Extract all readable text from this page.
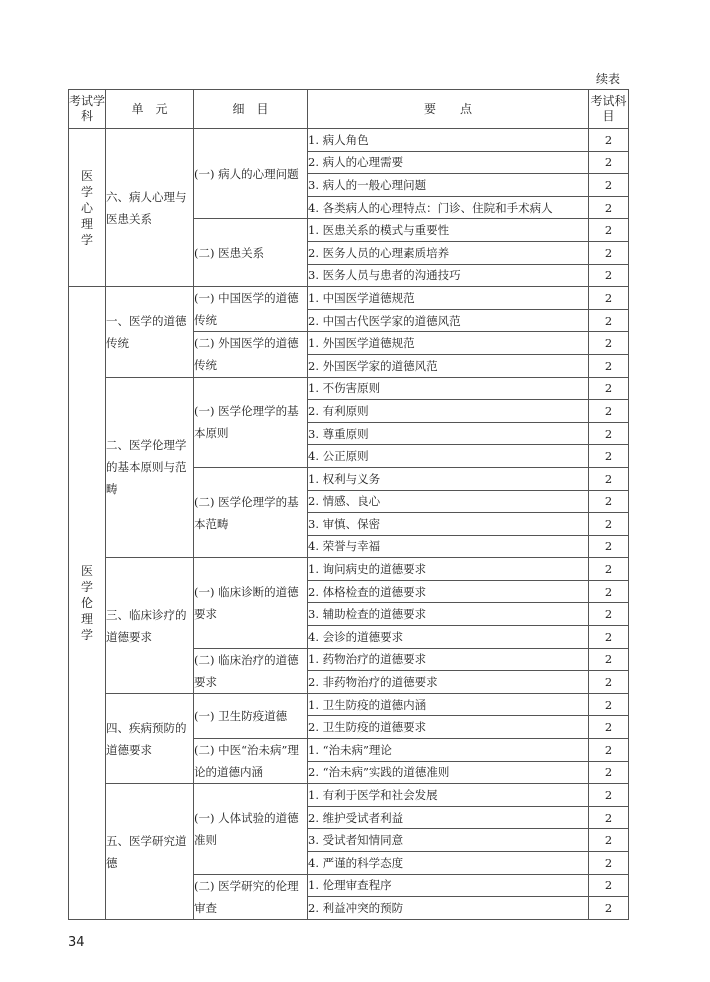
续表
考试学科	单　元	细　目	要　　点	考试科目
医学心理学	六、病人心理与医患关系	(一) 病人的心理问题	1. 病人角色	2
			2. 病人的心理需要	2
			3. 病人的一般心理问题	2
			4. 各类病人的心理特点：门诊、住院和手术病人	2
		(二) 医患关系	1. 医患关系的模式与重要性	2
			2. 医务人员的心理素质培养	2
			3. 医务人员与患者的沟通技巧	2
医学伦理学	一、医学的道德传统	(一) 中国医学的道德传统	1. 中国医学道德规范	2
			2. 中国古代医学家的道德风范	2
		(二) 外国医学的道德传统	1. 外国医学道德规范	2
			2. 外国医学家的道德风范	2
	二、医学伦理学的基本原则与范畴	(一) 医学伦理学的基本原则	1. 不伤害原则	2
			2. 有利原则	2
			3. 尊重原则	2
			4. 公正原则	2
		(二) 医学伦理学的基本范畴	1. 权利与义务	2
			2. 情感、良心	2
			3. 审慎、保密	2
			4. 荣誉与幸福	2
	三、临床诊疗的道德要求	(一) 临床诊断的道德要求	1. 询问病史的道德要求	2
			2. 体格检查的道德要求	2
			3. 辅助检查的道德要求	2
			4. 会诊的道德要求	2
		(二) 临床治疗的道德要求	1. 药物治疗的道德要求	2
			2. 非药物治疗的道德要求	2
	四、疾病预防的道德要求	(一) 卫生防疫道德	1. 卫生防疫的道德内涵	2
			2. 卫生防疫的道德要求	2
		(二) 中医“治未病”理论的道德内涵	1. “治未病”理论	2
			2. “治未病”实践的道德准则	2
	五、医学研究道德	(一) 人体试验的道德准则	1. 有利于医学和社会发展	2
			2. 维护受试者利益	2
			3. 受试者知情同意	2
			4. 严谨的科学态度	2
		(二) 医学研究的伦理审查	1. 伦理审查程序	2
			2. 利益冲突的预防	2
34
